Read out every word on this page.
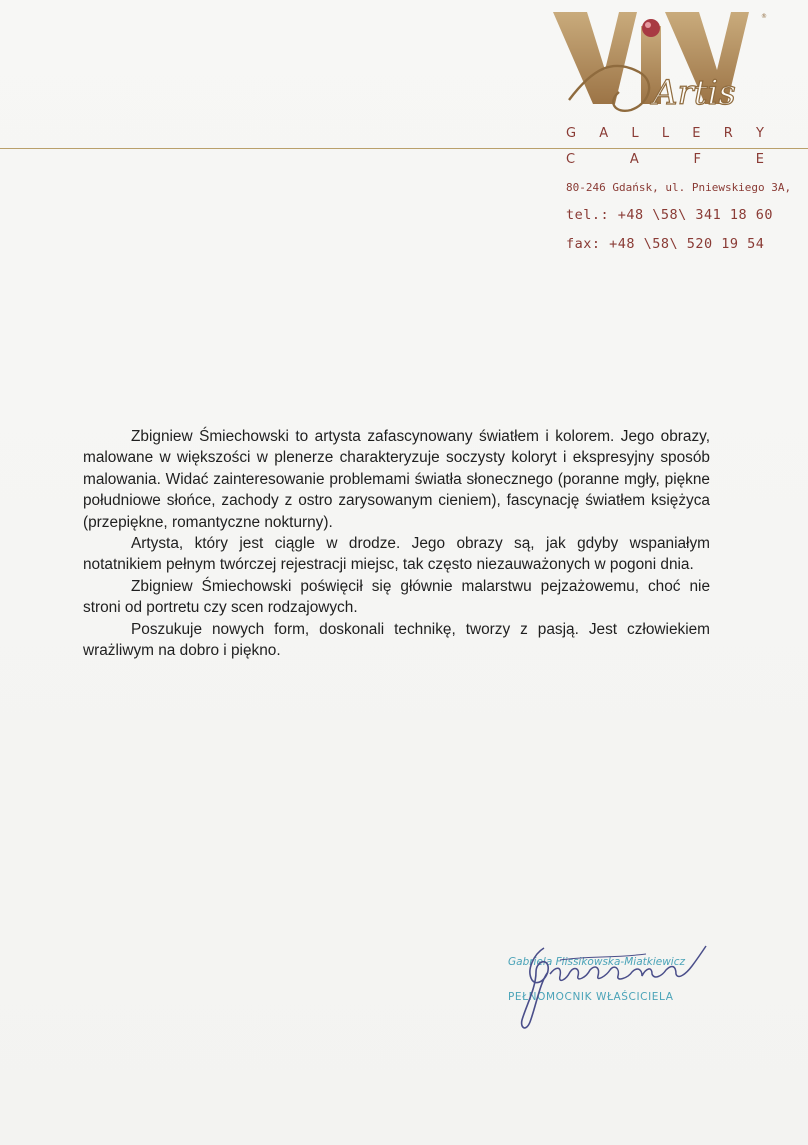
Artis
®
G A L L E R Y
C	A	F	E
80-246 Gdańsk, ul. Pniewskiego 3A,
tel.: +48 \58\ 341 18 60
fax: +48 \58\ 520 19 54

Zbigniew Śmiechowski to artysta zafascynowany światłem i kolorem. Jego obrazy, malowane w większości w plenerze charakteryzuje soczysty koloryt i ekspresyjny sposób malowania. Widać zainteresowanie problemami światła słonecznego (poranne mgły, piękne południowe słońce, zachody z ostro zarysowanym cieniem), fascynację światłem księżyca (przepiękne, romantyczne nokturny).

Artysta, który jest ciągle w drodze. Jego obrazy są, jak gdyby wspaniałym notatnikiem pełnym twórczej rejestracji miejsc, tak często niezauważonych w pogoni dnia.

Zbigniew Śmiechowski poświęcił się głównie malarstwu pejzażowemu, choć nie stroni od portretu czy scen rodzajowych.

Poszukuje nowych form, doskonali technikę, tworzy z pasją. Jest człowiekiem wrażliwym na dobro i piękno.

Gabriela Flissikowska-Miatkiewicz
PEŁNOMOCNIK WŁAŚCICIELA
